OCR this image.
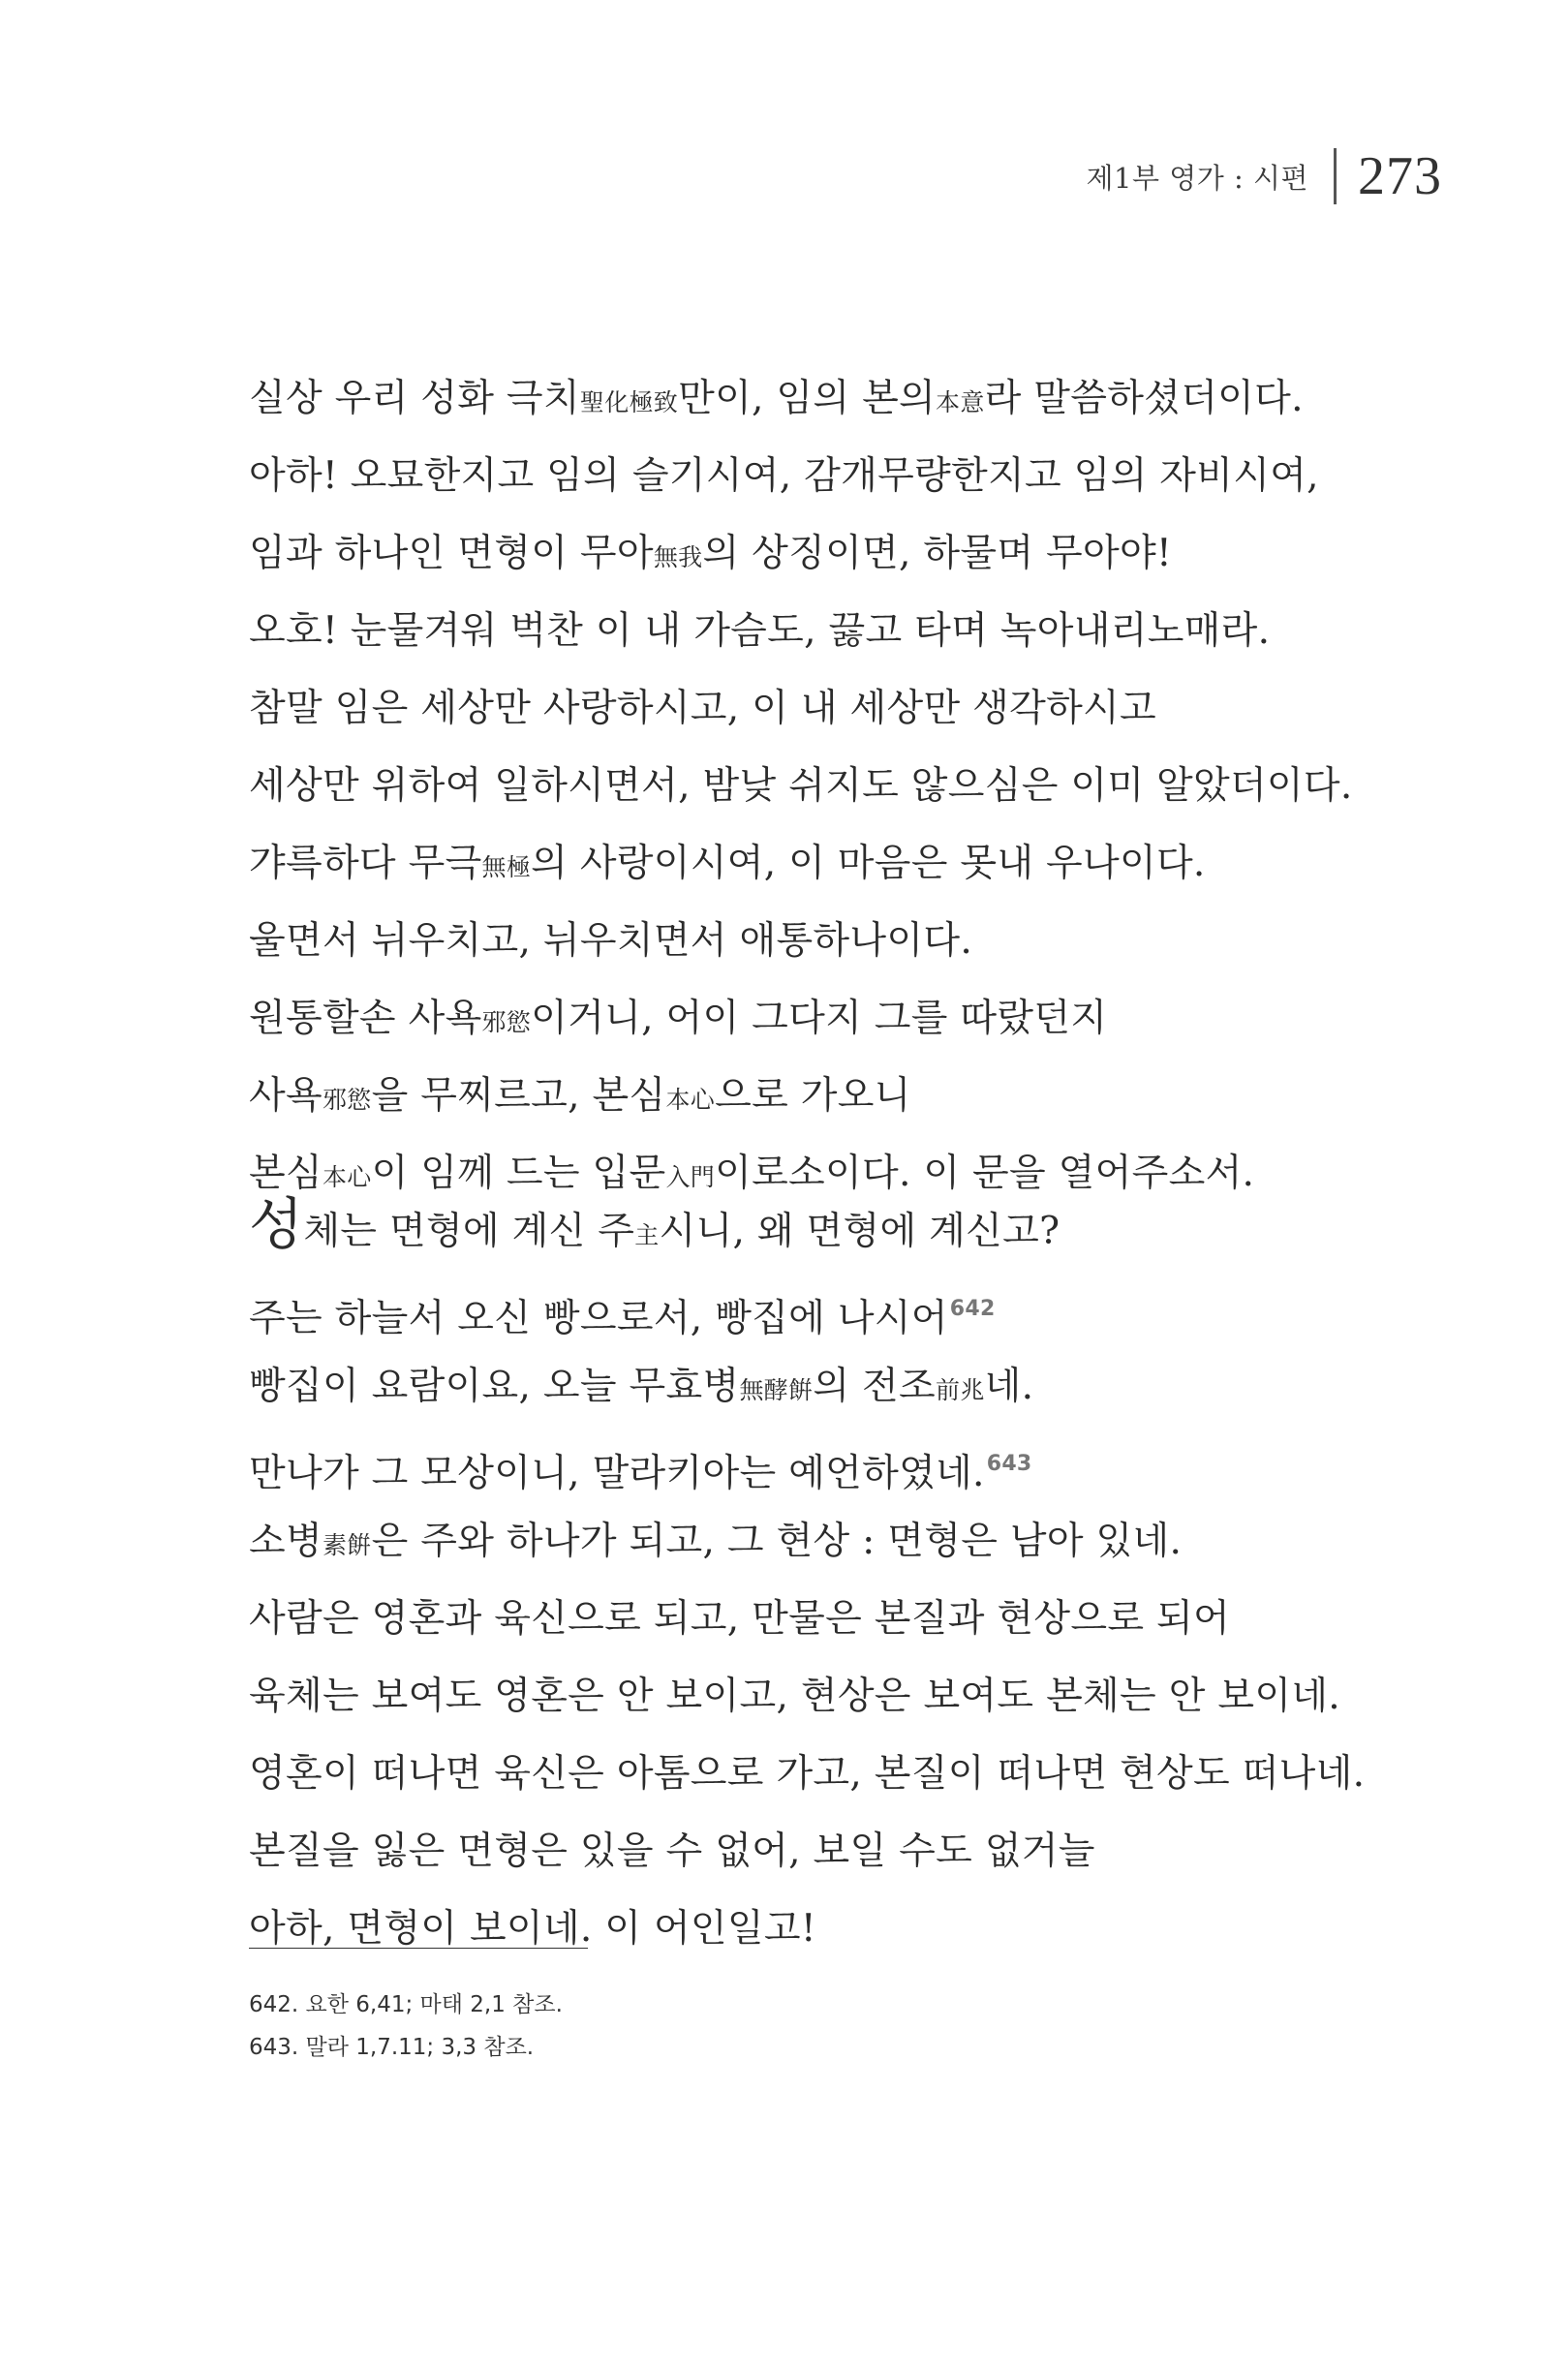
제1부 영가 : 시편 273
실상 우리 성화 극치聖化極致만이, 임의 본의本意라 말씀하셨더이다.
아하! 오묘한지고 임의 슬기시여, 감개무량한지고 임의 자비시여,
임과 하나인 면형이 무아無我의 상징이면, 하물며 무아야!
오호! 눈물겨워 벅찬 이 내 가슴도, 끓고 타며 녹아내리노매라.
참말 임은 세상만 사랑하시고, 이 내 세상만 생각하시고
세상만 위하여 일하시면서, 밤낮 쉬지도 않으심은 이미 알았더이다.
갸륵하다 무극無極의 사랑이시여, 이 마음은 못내 우나이다.
울면서 뉘우치고, 뉘우치면서 애통하나이다.
원통할손 사욕邪慾이거니, 어이 그다지 그를 따랐던지
사욕邪慾을 무찌르고, 본심本心으로 가오니
본심本心이 임께 드는 입문入門이로소이다. 이 문을 열어주소서.
성체는 면형에 계신 주主시니, 왜 면형에 계신고?
주는 하늘서 오신 빵으로서, 빵집에 나시어$^{642}$
빵집이 요람이요, 오늘 무효병無酵餠의 전조前兆네.
만나가 그 모상이니, 말라키아는 예언하였네.$^{643}$
소병素餠은 주와 하나가 되고, 그 현상 : 면형은 남아 있네.
사람은 영혼과 육신으로 되고, 만물은 본질과 현상으로 되어
육체는 보여도 영혼은 안 보이고, 현상은 보여도 본체는 안 보이네.
영혼이 떠나면 육신은 아톰으로 가고, 본질이 떠나면 현상도 떠나네.
본질을 잃은 면형은 있을 수 없어, 보일 수도 없거늘
아하, 면형이 보이네. 이 어인일고!
642. 요한 6,41; 마태 2,1 참조.
643. 말라 1,7.11; 3,3 참조.
